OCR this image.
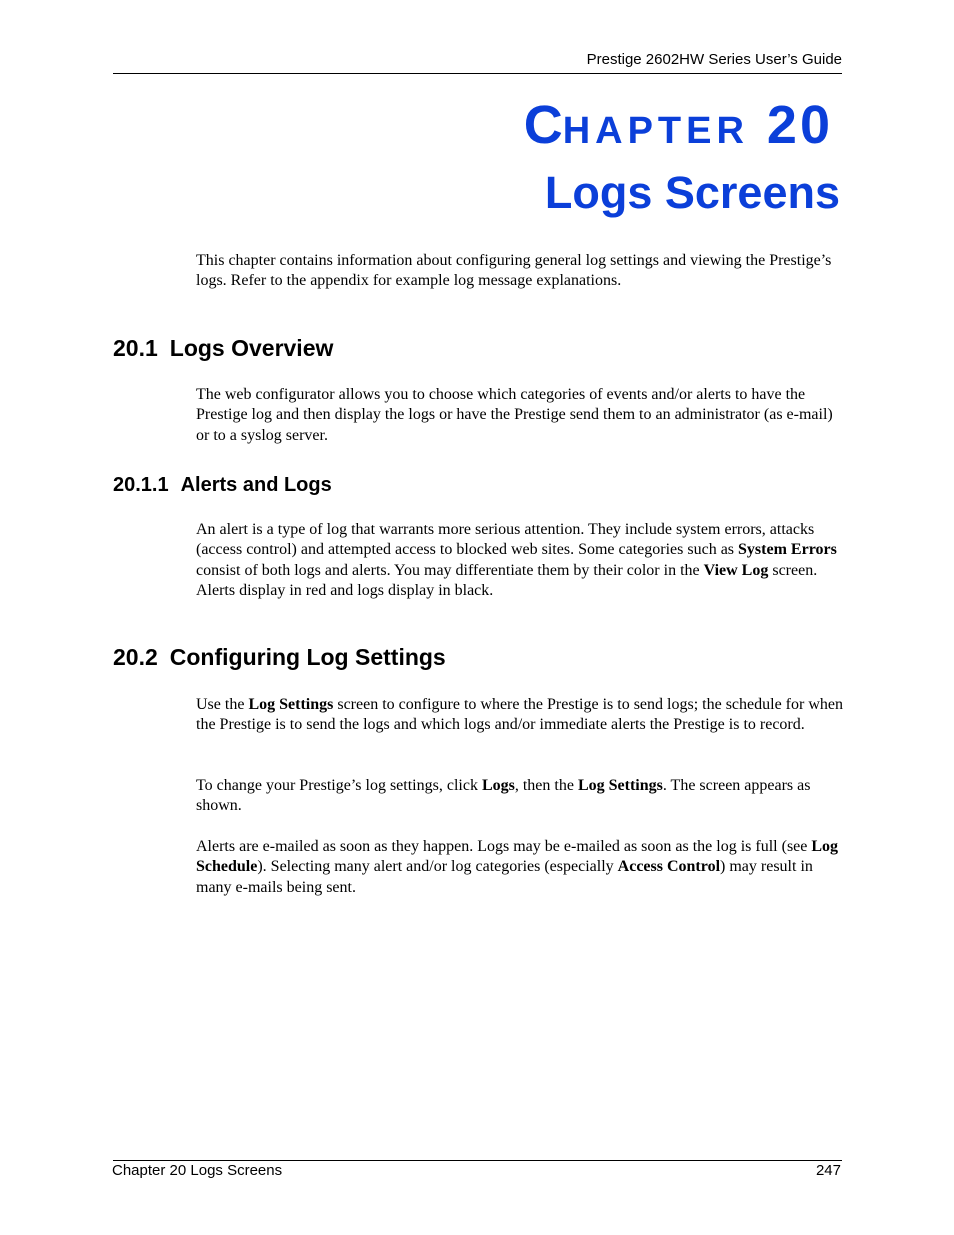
Prestige 2602HW Series User’s Guide
CHAPTER 20
Logs Screens

This chapter contains information about configuring general log settings and viewing the Prestige’s logs. Refer to the appendix for example log message explanations.

20.1 Logs Overview

The web configurator allows you to choose which categories of events and/or alerts to have the Prestige log and then display the logs or have the Prestige send them to an administrator (as e-mail) or to a syslog server.

20.1.1 Alerts and Logs

An alert is a type of log that warrants more serious attention. They include system errors, attacks (access control) and attempted access to blocked web sites. Some categories such as System Errors consist of both logs and alerts. You may differentiate them by their color in the View Log screen. Alerts display in red and logs display in black.

20.2 Configuring Log Settings

Use the Log Settings screen to configure to where the Prestige is to send logs; the schedule for when the Prestige is to send the logs and which logs and/or immediate alerts the Prestige is to record.

To change your Prestige’s log settings, click Logs, then the Log Settings. The screen appears as shown.

Alerts are e-mailed as soon as they happen. Logs may be e-mailed as soon as the log is full (see Log Schedule). Selecting many alert and/or log categories (especially Access Control) may result in many e-mails being sent.

Chapter 20 Logs Screens	247
